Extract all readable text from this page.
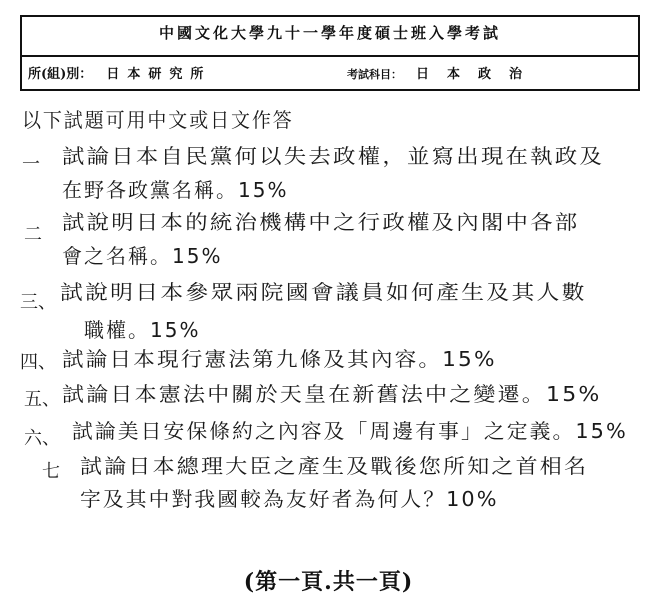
中國文化大學九十一學年度碩士班入學考試
所(組)別： 日本研究所	考試科目： 日本政治
以下試題可用中文或日文作答
一 試論日本自民黨何以失去政權，並寫出現在執政及
在野各政黨名稱。15%
二
試說明日本的統治機構中之行政權及內閣中各部
會之名稱。15%
三、 試說明日本參眾兩院國會議員如何產生及其人數
職權。15%
四、 試論日本現行憲法第九條及其內容。15%
五、 試論日本憲法中關於天皇在新舊法中之變遷。15%
六、 試論美日安保條約之內容及「周邊有事」之定義。15%
七 試論日本總理大臣之產生及戰後您所知之首相名
字及其中對我國較為友好者為何人？10%
(第一頁.共一頁)
